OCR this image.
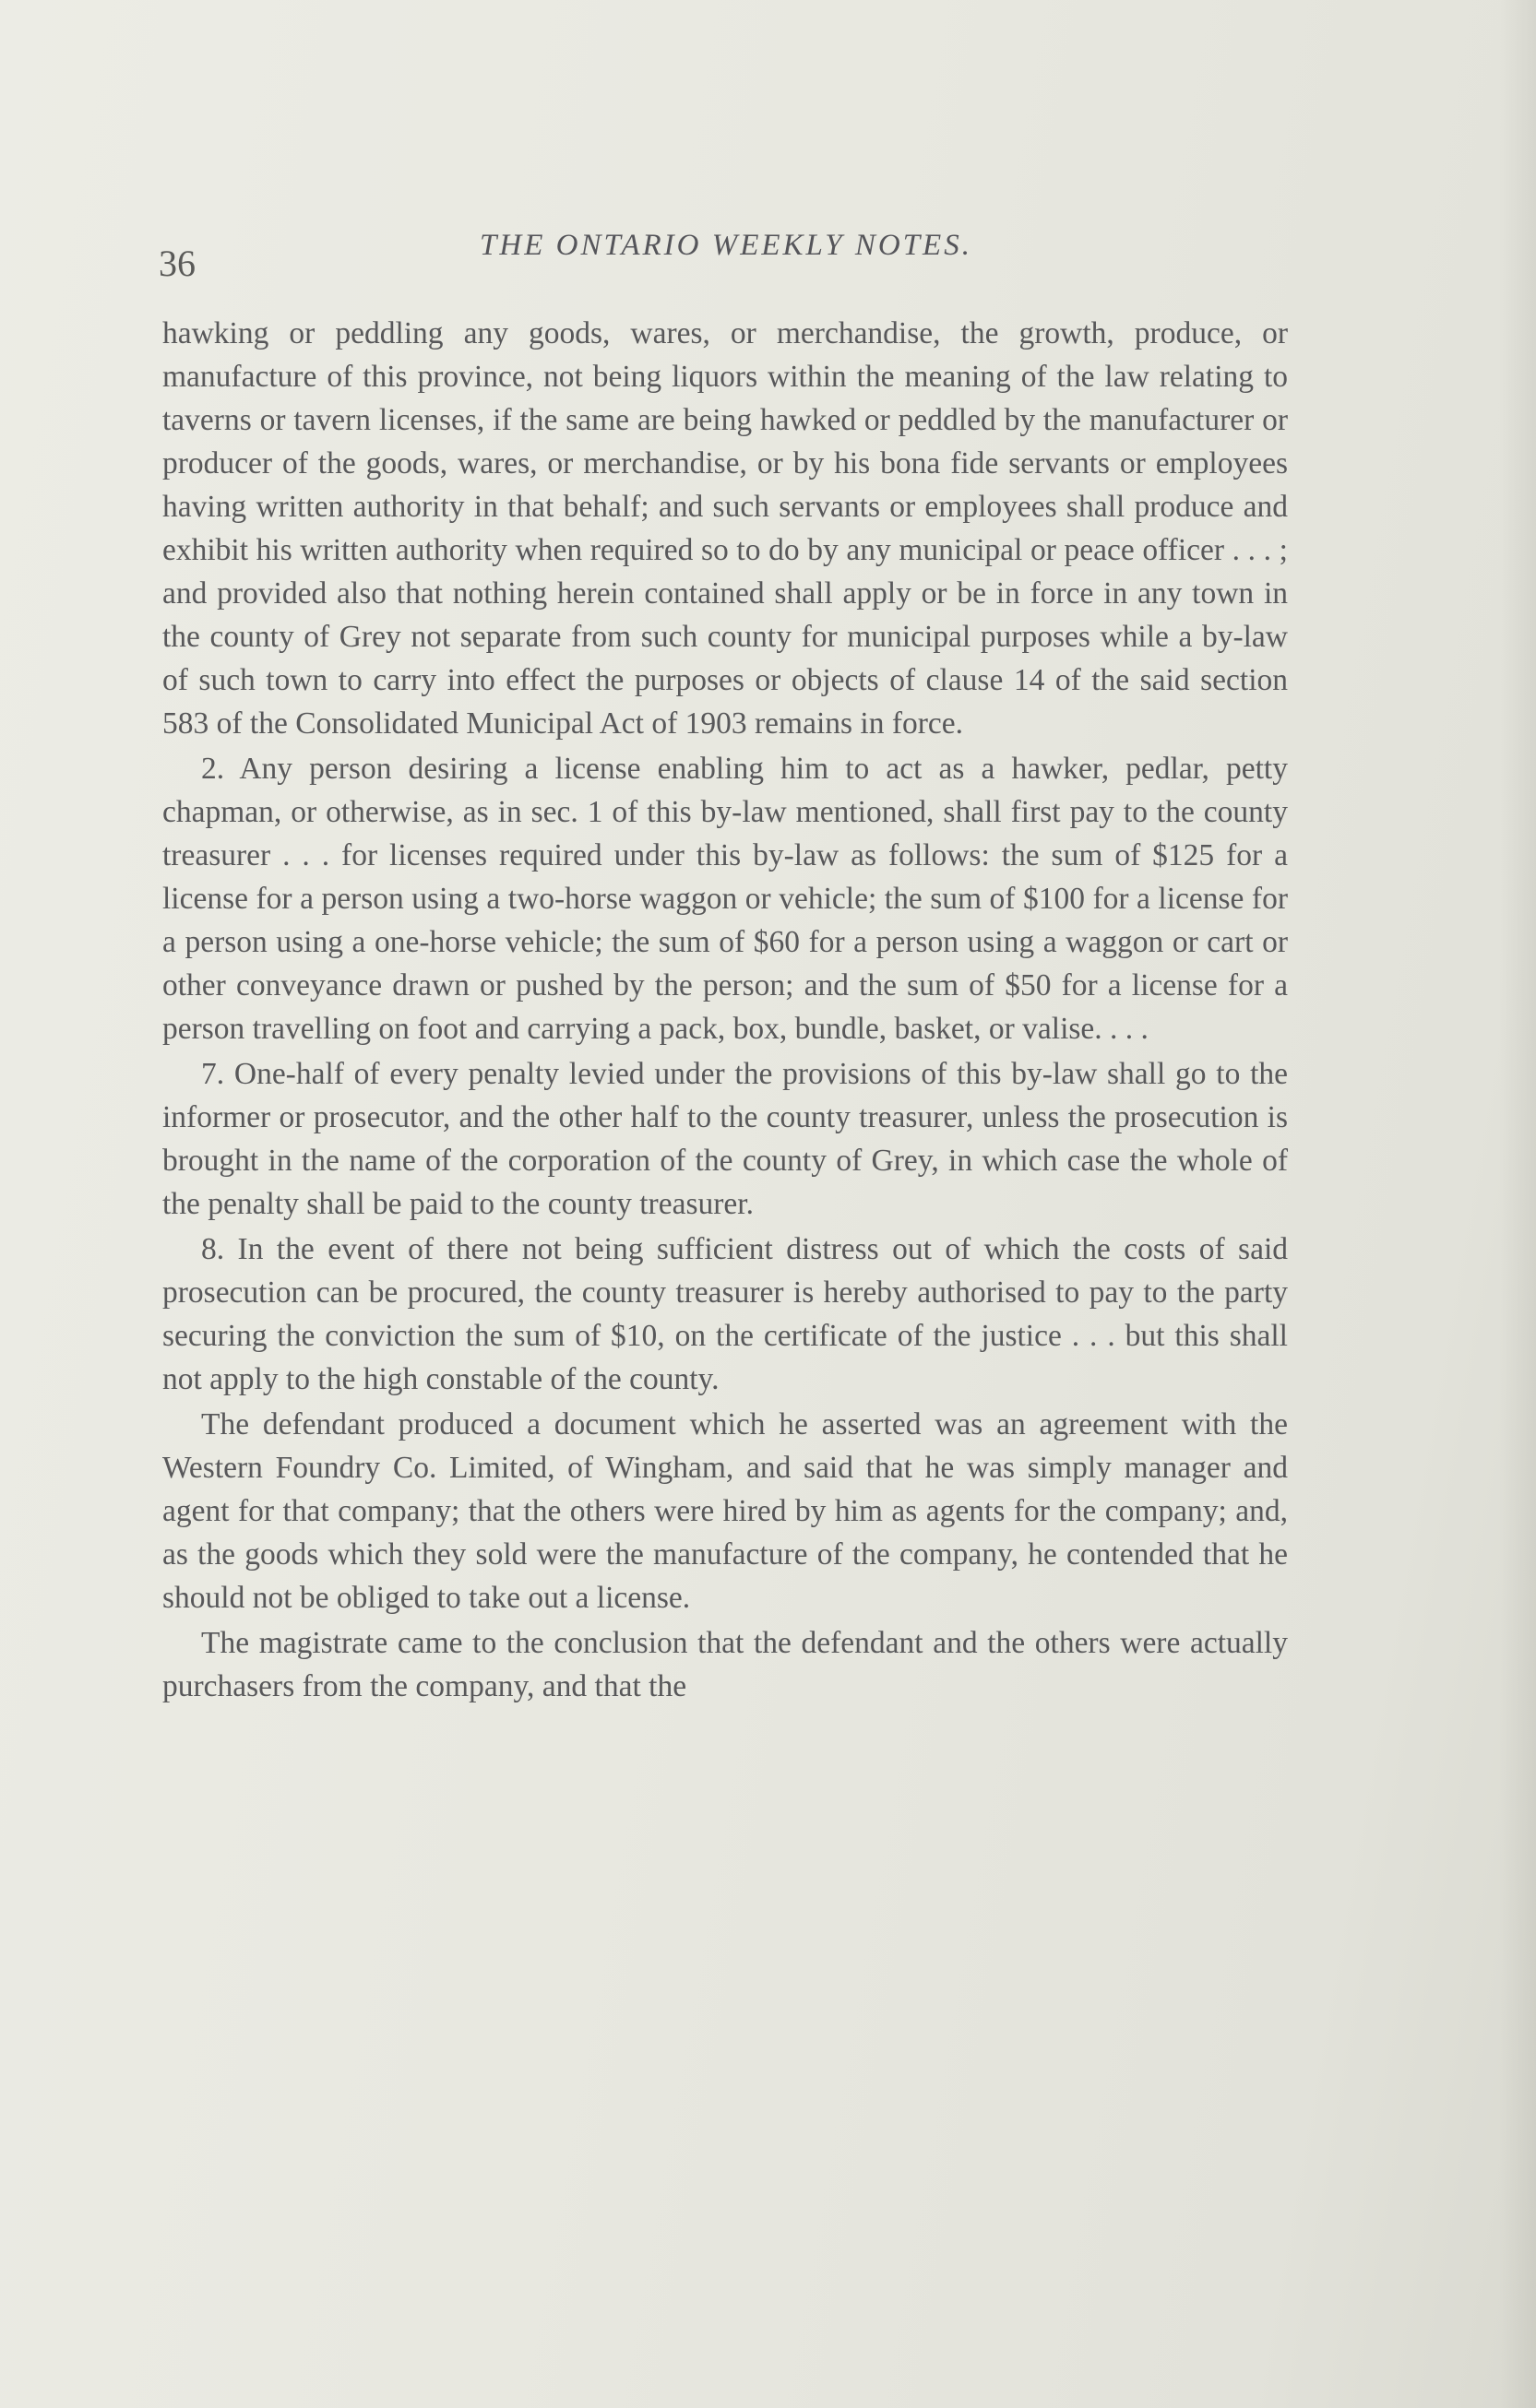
36	THE ONTARIO WEEKLY NOTES.

hawking or peddling any goods, wares, or merchandise, the growth, produce, or manufacture of this province, not being liquors within the meaning of the law relating to taverns or tavern licenses, if the same are being hawked or peddled by the manufacturer or producer of the goods, wares, or merchandise, or by his bona fide servants or employees having written authority in that behalf; and such servants or employees shall produce and exhibit his written authority when required so to do by any municipal or peace officer . . . ; and provided also that nothing herein contained shall apply or be in force in any town in the county of Grey not separate from such county for municipal purposes while a by-law of such town to carry into effect the purposes or objects of clause 14 of the said section 583 of the Consolidated Municipal Act of 1903 remains in force.

2. Any person desiring a license enabling him to act as a hawker, pedlar, petty chapman, or otherwise, as in sec. 1 of this by-law mentioned, shall first pay to the county treasurer . . . for licenses required under this by-law as follows: the sum of $125 for a license for a person using a two-horse waggon or vehicle; the sum of $100 for a license for a person using a one-horse vehicle; the sum of $60 for a person using a waggon or cart or other conveyance drawn or pushed by the person; and the sum of $50 for a license for a person travelling on foot and carrying a pack, box, bundle, basket, or valise. . . .

7. One-half of every penalty levied under the provisions of this by-law shall go to the informer or prosecutor, and the other half to the county treasurer, unless the prosecution is brought in the name of the corporation of the county of Grey, in which case the whole of the penalty shall be paid to the county treasurer.

8. In the event of there not being sufficient distress out of which the costs of said prosecution can be procured, the county treasurer is hereby authorised to pay to the party securing the conviction the sum of $10, on the certificate of the justice . . . but this shall not apply to the high constable of the county.

The defendant produced a document which he asserted was an agreement with the Western Foundry Co. Limited, of Wingham, and said that he was simply manager and agent for that company; that the others were hired by him as agents for the company; and, as the goods which they sold were the manufacture of the company, he contended that he should not be obliged to take out a license.

The magistrate came to the conclusion that the defendant and the others were actually purchasers from the company, and that the
